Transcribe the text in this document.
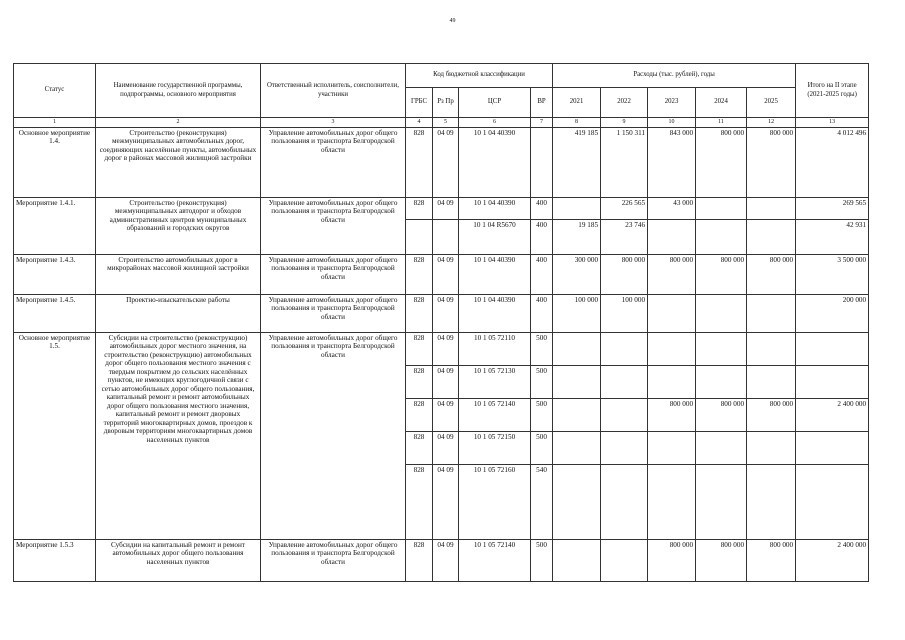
49
Статус	Наименование государственной программы, подпрограммы, основного мероприятия	Ответственный исполнитель, соисполнители, участники	Код бюджетной классификации				Расходы (тыс. рублей), годы					Итого на II этапе (2021-2025 годы)
			ГРБС	Рз Пр	ЦСР	ВР	2021	2022	2023	2024	2025	
1	2	3	4	5	6	7	8	9	10	11	12	13
Основное мероприятие 1.4.	Строительство (реконструкция) межмуниципальных автомобильных дорог, соединяющих населённые пункты, автомобильных дорог в районах массовой жилищной застройки	Управление автомобильных дорог общего пользования и транспорта Белгородской области	828	04 09	10 1 04 40390		419 185	1 150 311	843 000	800 000	800 000	4 012 496
Мероприятие 1.4.1.	Строительство (реконструкция) межмуниципальных автодорог и обходов административных центров муниципальных образований и городских округов	Управление автомобильных дорог общего пользования и транспорта Белгородской области	828	04 09	10 1 04 40390	400		226 565	43 000			269 565
					10 1 04 R5670	400	19 185	23 746				42 931
Мероприятие 1.4.3.	Строительство автомобильных дорог в микрорайонах массовой жилищной застройки	Управление автомобильных дорог общего пользования и транспорта Белгородской области	828	04 09	10 1 04 40390	400	300 000	800 000	800 000	800 000	800 000	3 500 000
Мероприятие 1.4.5.	Проектно-изыскательские работы	Управление автомобильных дорог общего пользования и транспорта Белгородской области	828	04 09	10 1 04 40390	400	100 000	100 000				200 000
Основное мероприятие 1.5.	Субсидии на строительство (реконструкцию) автомобильных дорог местного значения, на строительство (реконструкцию) автомобильных дорог общего пользования местного значения с твердым покрытием до сельских населённых пунктов, не имеющих круглогодичной связи с сетью автомобильных дорог общего пользования, капитальный ремонт и ремонт автомобильных дорог общего пользования местного значения, капитальный ремонт и ремонт дворовых территорий многоквартирных домов, проездов к дворовым территориям многоквартирных домов населенных пунктов	Управление автомобильных дорог общего пользования и транспорта Белгородской области	828	04 09	10 1 05 72110	500						
			828	04 09	10 1 05 72130	500						
			828	04 09	10 1 05 72140	500			800 000	800 000	800 000	2 400 000
			828	04 09	10 1 05 72150	500						
			828	04 09	10 1 05 72160	540						
Мероприятие 1.5.3	Субсидии на капитальный ремонт и ремонт автомобильных дорог общего пользования населенных пунктов	Управление автомобильных дорог общего пользования и транспорта Белгородской области	828	04 09	10 1 05 72140	500			800 000	800 000	800 000	2 400 000
